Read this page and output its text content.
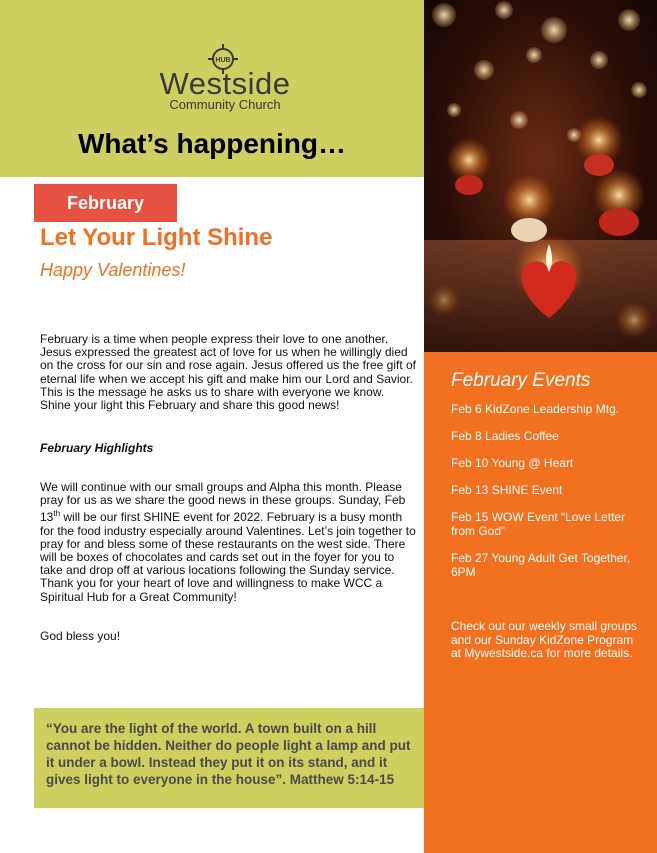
HUB
Westside
Community Church
What’s happening…
February Events
Feb 6 KidZone Leadership Mtg.
Feb 8 Ladies Coffee
Feb 10 Young @ Heart
Feb 13 SHINE Event
Feb 15 WOW Event “Love Letter from God”
Feb 27 Young Adult Get Together, 6PM
Check out our weekly small groups and our Sunday KidZone Program at Mywestside.ca for more details.
February
Let Your Light Shine
Happy Valentines!
February is a time when people express their love to one another. Jesus expressed the greatest act of love for us when he willingly died on the cross for our sin and rose again. Jesus offered us the free gift of eternal life when we accept his gift and make him our Lord and Savior. This is the message he asks us to share with everyone we know. Shine your light this February and share this good news!
February Highlights
We will continue with our small groups and Alpha this month. Please pray for us as we share the good news in these groups. Sunday, Feb 13th will be our first SHINE event for 2022. February is a busy month for the food industry especially around Valentines. Let’s join together to pray for and bless some of these restaurants on the west side. There will be boxes of chocolates and cards set out in the foyer for you to take and drop off at various locations following the Sunday service. Thank you for your heart of love and willingness to make WCC a Spiritual Hub for a Great Community!
God bless you!
“You are the light of the world. A town built on a hill cannot be hidden. Neither do people light a lamp and put it under a bowl. Instead they put it on its stand, and it gives light to everyone in the house”. Matthew 5:14-15
